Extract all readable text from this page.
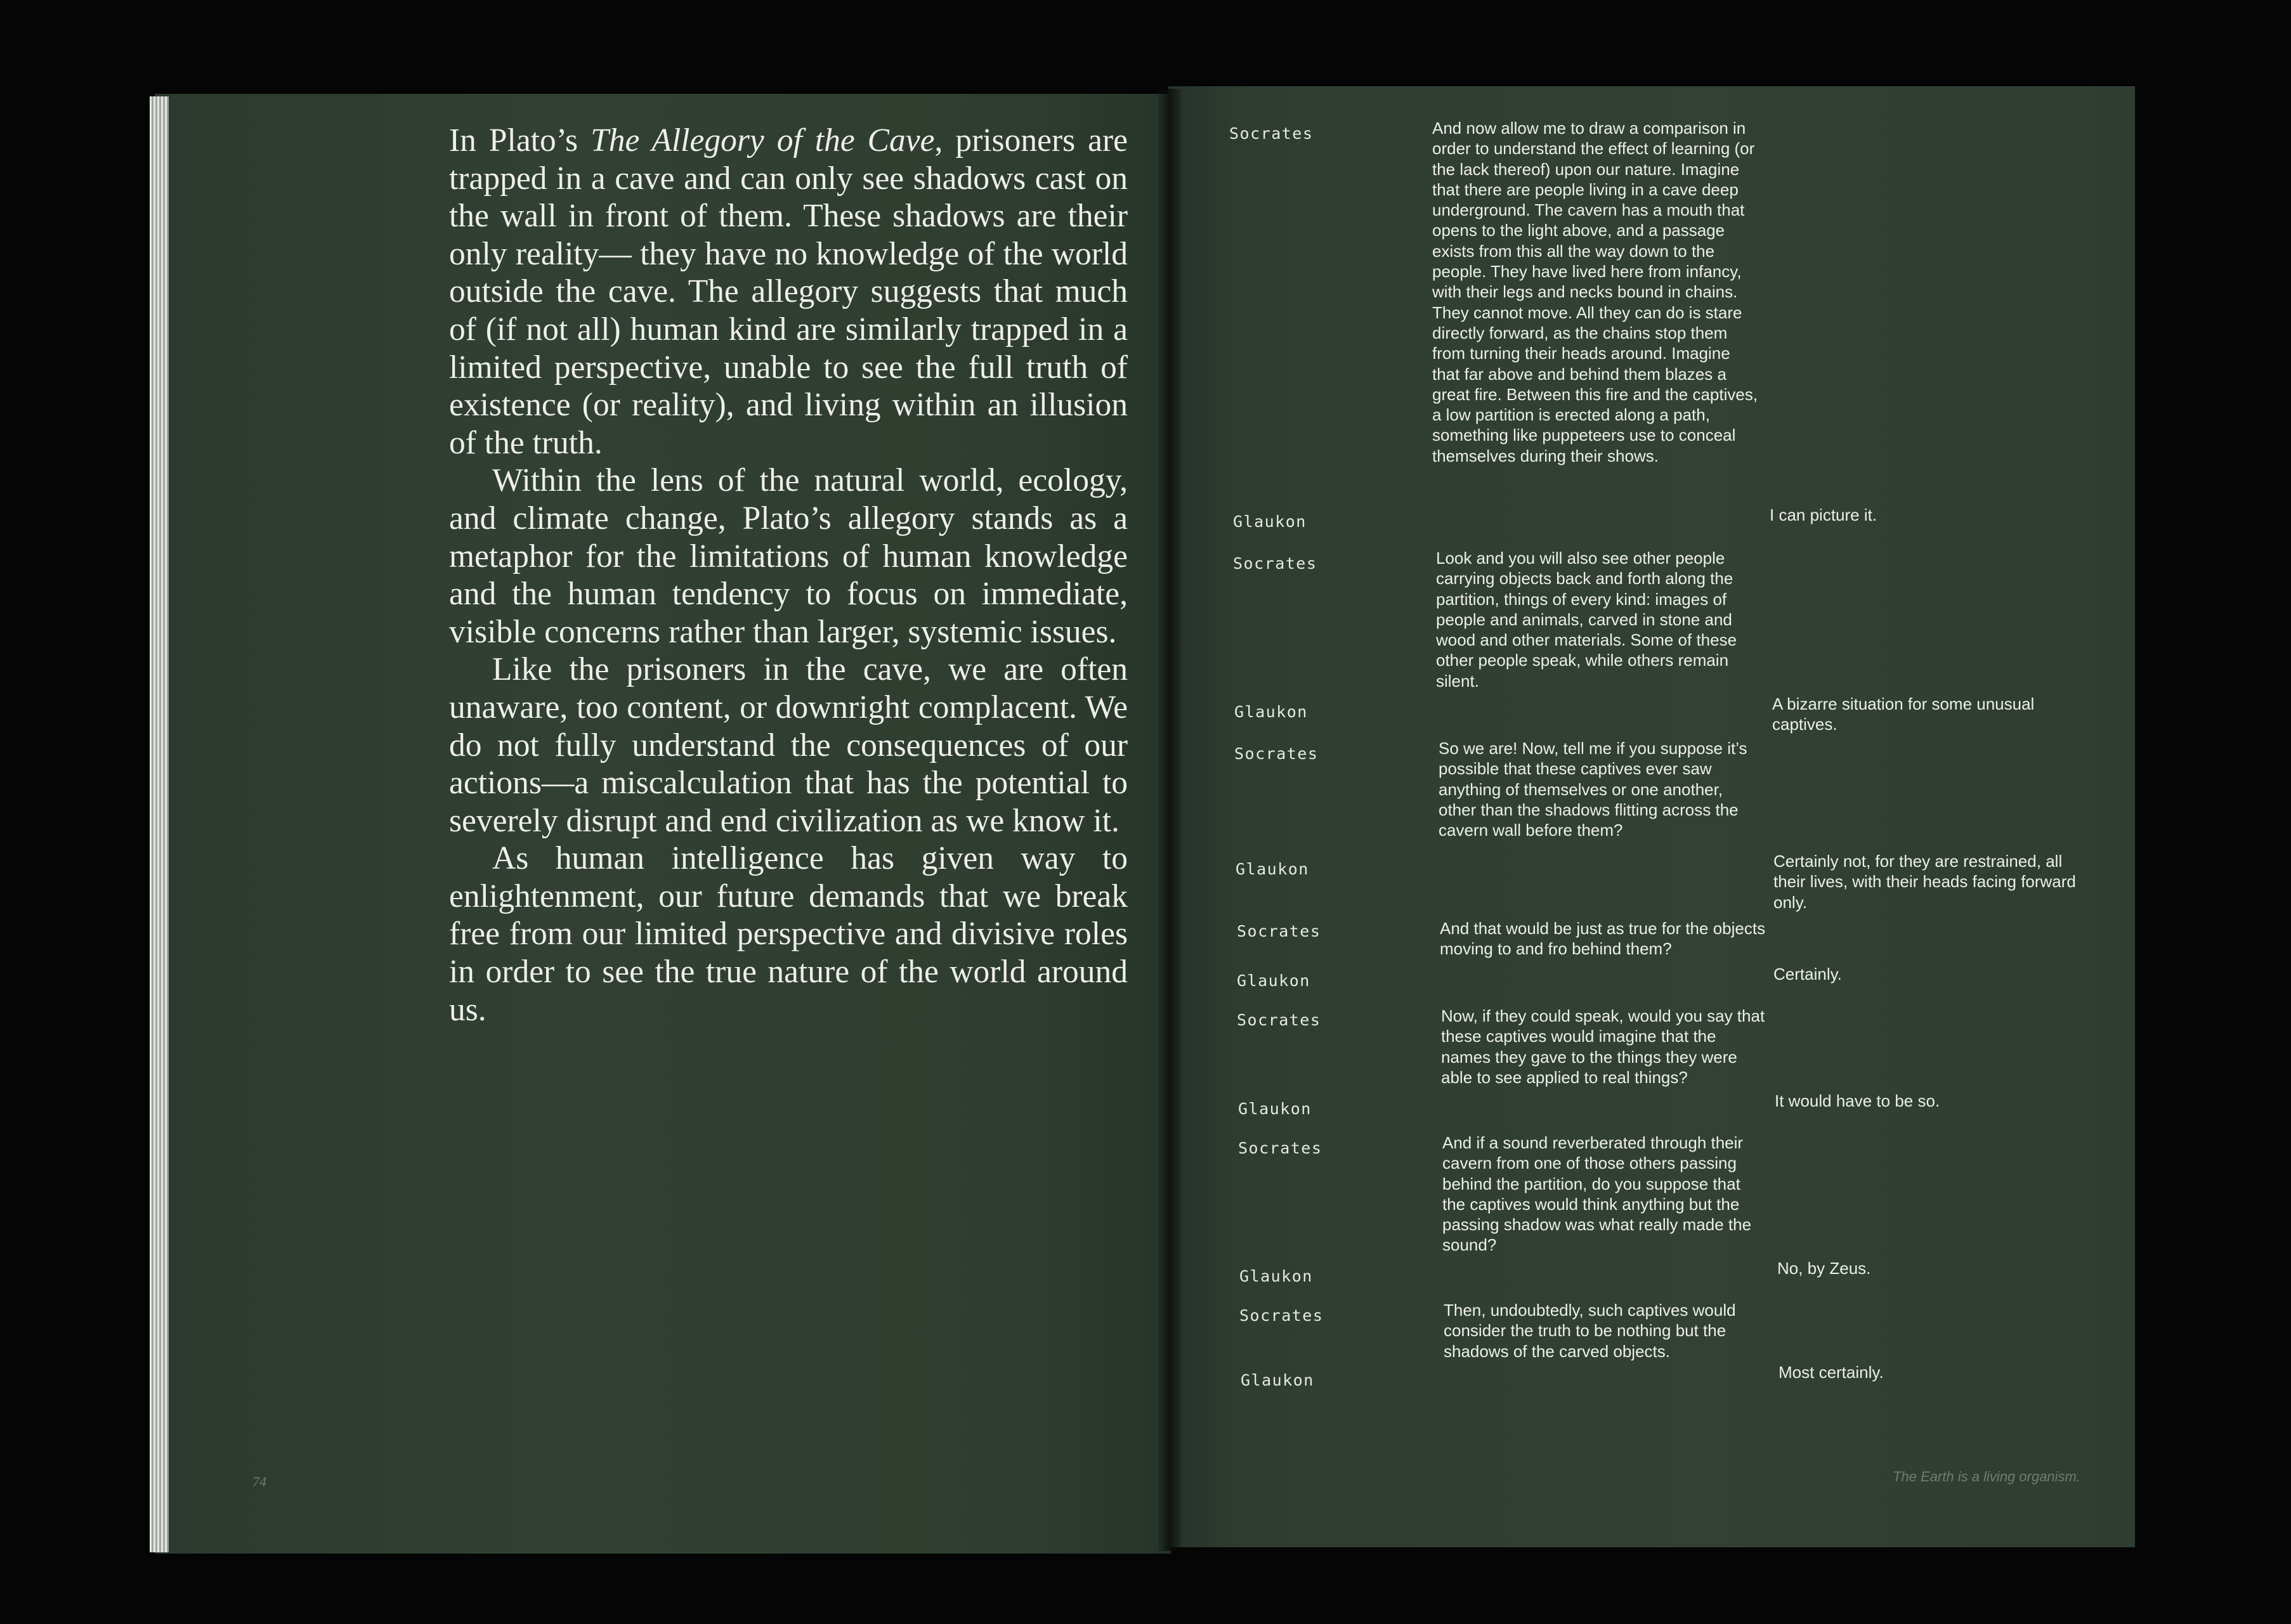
In Plato’s The Allegory of the Cave, prisoners are trapped in a cave and can only see shadows cast on the wall in front of them. These shadows are their only reality— they have no knowledge of the world outside the cave. The allegory suggests that much of (if not all) human kind are similarly trapped in a limited perspective, unable to see the full truth of existence (or reality), and living within an illusion of the truth.

Within the lens of the natural world, ecology, and climate change, Plato’s allegory stands as a metaphor for the limitations of human knowledge and the human tendency to focus on immediate, visible concerns rather than larger, systemic issues.

Like the prisoners in the cave, we are often unaware, too content, or downright complacent. We do not fully understand the consequences of our actions—a miscalculation that has the potential to severely disrupt and end civilization as we know it.

As human intelligence has given way to enlightenment, our future demands that we break free from our limited perspective and divisive roles in order to see the true nature of the world around us.

74
Socrates	And now allow me to draw a comparison in order to understand the effect of learning (or the lack thereof) upon our nature. Imagine that there are people living in a cave deep underground. The cavern has a mouth that opens to the light above, and a passage exists from this all the way down to the people. They have lived here from infancy, with their legs and necks bound in chains. They cannot move. All they can do is stare directly forward, as the chains stop them from turning their heads around. Imagine that far above and behind them blazes a great fire. Between this fire and the captives, a low partition is erected along a path, something like puppeteers use to conceal themselves during their shows.
Glaukon	I can picture it.
Socrates	Look and you will also see other people carrying objects back and forth along the partition, things of every kind: images of people and animals, carved in stone and wood and other materials. Some of these other people speak, while others remain silent.
Glaukon	A bizarre situation for some unusual captives.
Socrates	So we are! Now, tell me if you suppose it’s possible that these captives ever saw anything of themselves or one another, other than the shadows flitting across the cavern wall before them?
Glaukon	Certainly not, for they are restrained, all their lives, with their heads facing forward only.
Socrates	And that would be just as true for the objects moving to and fro behind them?
Glaukon	Certainly.
Socrates	Now, if they could speak, would you say that these captives would imagine that the names they gave to the things they were able to see applied to real things?
Glaukon	It would have to be so.
Socrates	And if a sound reverberated through their cavern from one of those others passing behind the partition, do you suppose that the captives would think anything but the passing shadow was what really made the sound?
Glaukon	No, by Zeus.
Socrates	Then, undoubtedly, such captives would consider the truth to be nothing but the shadows of the carved objects.
Glaukon	Most certainly.
The Earth is a living organism.
